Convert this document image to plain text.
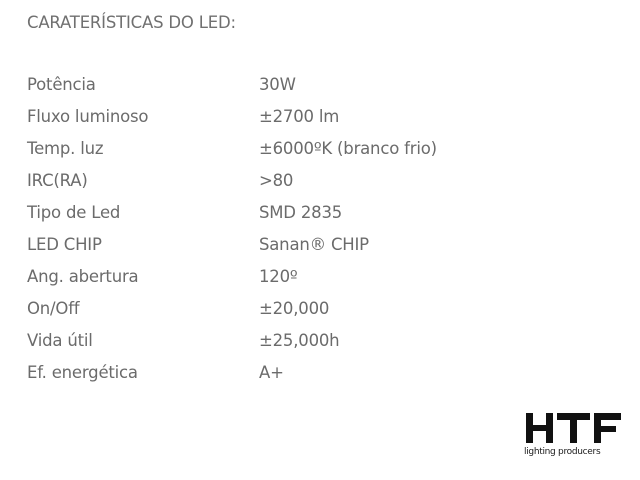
CARATERÍSTICAS DO LED:
Potência	30W
Fluxo luminoso	±2700 lm
Temp. luz	±6000ºK (branco frio)
IRC(RA)	>80
Tipo de Led	SMD 2835
LED CHIP	Sanan® CHIP
Ang. abertura	120º
On/Off	±20,000
Vida útil	±25,000h
Ef. energética	A+
lighting producers
